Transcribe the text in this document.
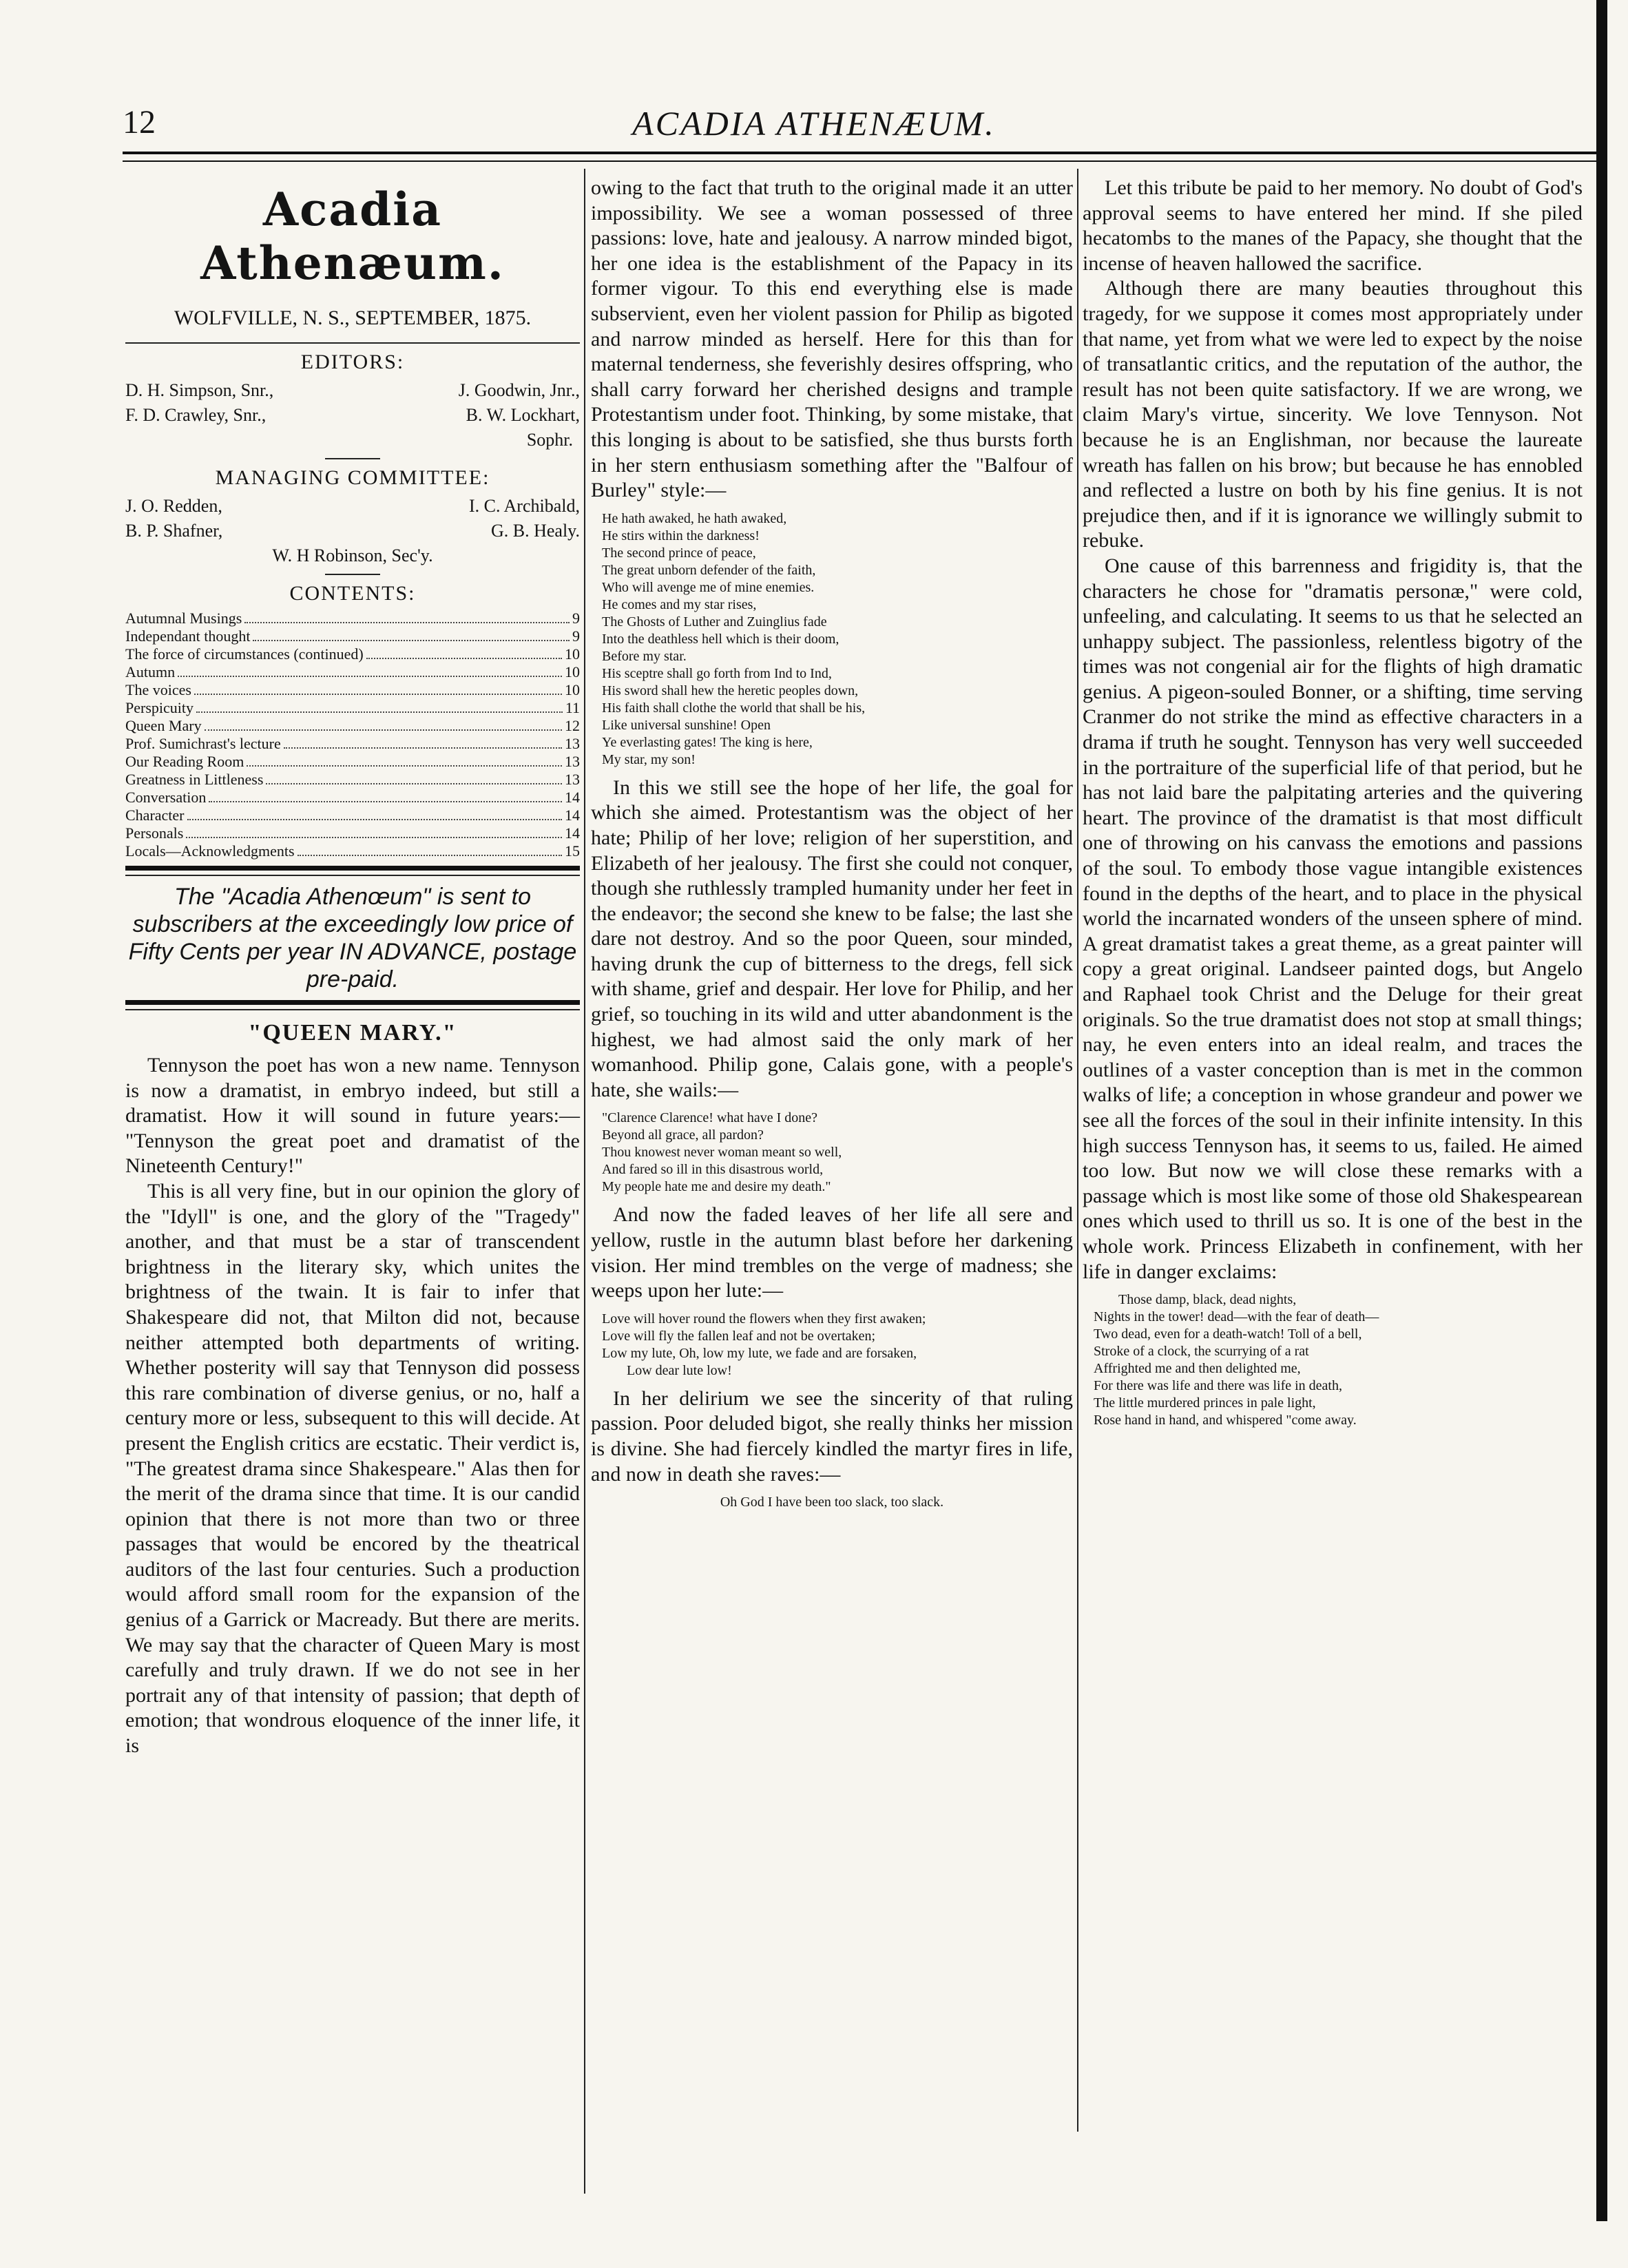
12	ACADIA ATHENÆUM.
Acadia Athenæum.
WOLFVILLE, N. S., SEPTEMBER, 1875.
EDITORS:
D. H. Simpson, Snr.,	J. Goodwin, Jnr.,
F. D. Crawley, Snr.,	B. W. Lockhart,
Sophr.
MANAGING COMMITTEE:
J. O. Redden,	I. C. Archibald,
B. P. Shafner,	G. B. Healy.
W. H Robinson, Sec'y.
CONTENTS:
Autumnal Musings	9
Independant thought	9
The force of circumstances (continued)	10
Autumn	10
The voices	10
Perspicuity	11
Queen Mary	12
Prof. Sumichrast's lecture	13
Our Reading Room	13
Greatness in Littleness	13
Conversation	14
Character	14
Personals	14
Locals—Acknowledgments	15
The "Acadia Athenœum" is sent to subscribers at the exceedingly low price of Fifty Cents per year IN ADVANCE, postage pre-paid.
"QUEEN MARY."

Tennyson the poet has won a new name. Tennyson is now a dramatist, in embryo indeed, but still a dramatist. How it will sound in future years:— "Tennyson the great poet and dramatist of the Nineteenth Century!"

This is all very fine, but in our opinion the glory of the "Idyll" is one, and the glory of the "Tragedy" another, and that must be a star of transcendent brightness in the literary sky, which unites the brightness of the twain. It is fair to infer that Shakespeare did not, that Milton did not, because neither attempted both departments of writing. Whether posterity will say that Tennyson did possess this rare combination of diverse genius, or no, half a century more or less, subsequent to this will decide. At present the English critics are ecstatic. Their verdict is, "The greatest drama since Shakespeare." Alas then for the merit of the drama since that time. It is our candid opinion that there is not more than two or three passages that would be encored by the theatrical auditors of the last four centuries. Such a production would afford small room for the expansion of the genius of a Garrick or Macready. But there are merits. We may say that the character of Queen Mary is most carefully and truly drawn. If we do not see in her portrait any of that intensity of passion; that depth of emotion; that wondrous eloquence of the inner life, it is

owing to the fact that truth to the original made it an utter impossibility. We see a woman possessed of three passions: love, hate and jealousy. A narrow minded bigot, her one idea is the establishment of the Papacy in its former vigour. To this end everything else is made subservient, even her violent passion for Philip as bigoted and narrow minded as herself. Here for this than for maternal tenderness, she feverishly desires offspring, who shall carry forward her cherished designs and trample Protestantism under foot. Thinking, by some mistake, that this longing is about to be satisfied, she thus bursts forth in her stern enthusiasm something after the "Balfour of Burley" style:—

He hath awaked, he hath awaked,
He stirs within the darkness!
The second prince of peace,
The great unborn defender of the faith,
Who will avenge me of mine enemies.
He comes and my star rises,
The Ghosts of Luther and Zuinglius fade
Into the deathless hell which is their doom,
Before my star.
His sceptre shall go forth from Ind to Ind,
His sword shall hew the heretic peoples down,
His faith shall clothe the world that shall be his,
Like universal sunshine! Open
Ye everlasting gates! The king is here,
My star, my son!

In this we still see the hope of her life, the goal for which she aimed. Protestantism was the object of her hate; Philip of her love; religion of her superstition, and Elizabeth of her jealousy. The first she could not conquer, though she ruthlessly trampled humanity under her feet in the endeavor; the second she knew to be false; the last she dare not destroy. And so the poor Queen, sour minded, having drunk the cup of bitterness to the dregs, fell sick with shame, grief and despair. Her love for Philip, and her grief, so touching in its wild and utter abandonment is the highest, we had almost said the only mark of her womanhood. Philip gone, Calais gone, with a people's hate, she wails:—

"Clarence Clarence! what have I done?
Beyond all grace, all pardon?
Thou knowest never woman meant so well,
And fared so ill in this disastrous world,
My people hate me and desire my death."

And now the faded leaves of her life all sere and yellow, rustle in the autumn blast before her darkening vision. Her mind trembles on the verge of madness; she weeps upon her lute:—

Love will hover round the flowers when they first awaken;
Love will fly the fallen leaf and not be overtaken;
Low my lute, Oh, low my lute, we fade and are forsaken,
Low dear lute low!

In her delirium we see the sincerity of that ruling passion. Poor deluded bigot, she really thinks her mission is divine. She had fiercely kindled the martyr fires in life, and now in death she raves:—

Oh God I have been too slack, too slack.

Let this tribute be paid to her memory. No doubt of God's approval seems to have entered her mind. If she piled hecatombs to the manes of the Papacy, she thought that the incense of heaven hallowed the sacrifice.

Although there are many beauties throughout this tragedy, for we suppose it comes most appropriately under that name, yet from what we were led to expect by the noise of transatlantic critics, and the reputation of the author, the result has not been quite satisfactory. If we are wrong, we claim Mary's virtue, sincerity. We love Tennyson. Not because he is an Englishman, nor because the laureate wreath has fallen on his brow; but because he has ennobled and reflected a lustre on both by his fine genius. It is not prejudice then, and if it is ignorance we willingly submit to rebuke.

One cause of this barrenness and frigidity is, that the characters he chose for "dramatis personæ," were cold, unfeeling, and calculating. It seems to us that he selected an unhappy subject. The passionless, relentless bigotry of the times was not congenial air for the flights of high dramatic genius. A pigeon-souled Bonner, or a shifting, time serving Cranmer do not strike the mind as effective characters in a drama if truth he sought. Tennyson has very well succeeded in the portraiture of the superficial life of that period, but he has not laid bare the palpitating arteries and the quivering heart. The province of the dramatist is that most difficult one of throwing on his canvass the emotions and passions of the soul. To embody those vague intangible existences found in the depths of the heart, and to place in the physical world the incarnated wonders of the unseen sphere of mind. A great dramatist takes a great theme, as a great painter will copy a great original. Landseer painted dogs, but Angelo and Raphael took Christ and the Deluge for their great originals. So the true dramatist does not stop at small things; nay, he even enters into an ideal realm, and traces the outlines of a vaster conception than is met in the common walks of life; a conception in whose grandeur and power we see all the forces of the soul in their infinite intensity. In this high success Tennyson has, it seems to us, failed. He aimed too low. But now we will close these remarks with a passage which is most like some of those old Shakespearean ones which used to thrill us so. It is one of the best in the whole work. Princess Elizabeth in confinement, with her life in danger exclaims:

Those damp, black, dead nights,
Nights in the tower! dead—with the fear of death—
Two dead, even for a death-watch! Toll of a bell,
Stroke of a clock, the scurrying of a rat
Affrighted me and then delighted me,
For there was life and there was life in death,
The little murdered princes in pale light,
Rose hand in hand, and whispered "come away.
